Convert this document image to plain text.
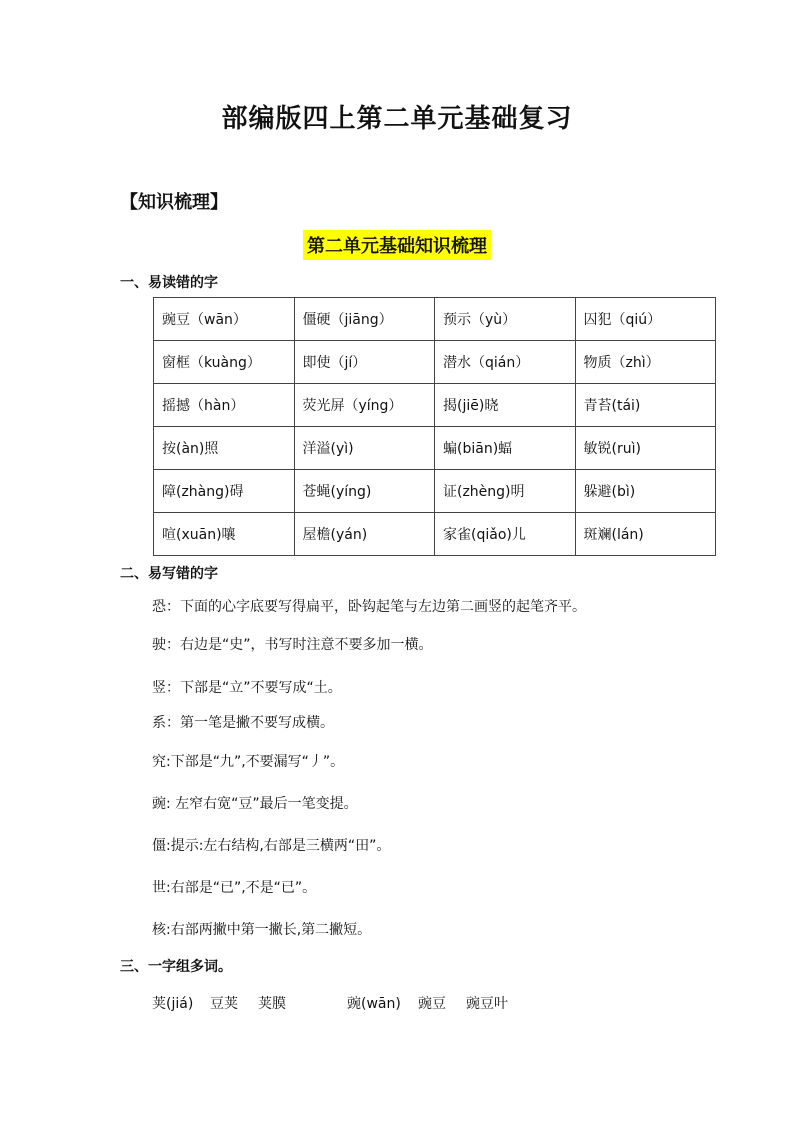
部编版四上第二单元基础复习
【知识梳理】
第二单元基础知识梳理
一、易读错的字
豌豆（wān）	僵硬（jiāng）	预示（yù）	囚犯（qiú）
窗框（kuàng）	即使（jí）	潜水（qián）	物质（zhì）
摇撼（hàn）	荧光屏（yíng）	揭(jiē)晓	青苔(tái)
按(àn)照	洋溢(yì)	蝙(biān)蝠	敏锐(ruì)
障(zhàng)碍	苍蝇(yíng)	证(zhèng)明	躲避(bì)
喧(xuān)嚷	屋檐(yán)	家雀(qiǎo)儿	斑斓(lán)
二、易写错的字
恐：下面的心字底要写得扁平，卧钩起笔与左边第二画竖的起笔齐平。
驶：右边是“史”，书写时注意不要多加一横。
竖：下部是“立”不要写成“土。
系：第一笔是撇不要写成横。
究:下部是“九”,不要漏写“丿”。
豌: 左窄右宽“豆”最后一笔变提。
僵:提示:左右结构,右部是三横两“田”。
世:右部是“已”,不是“已”。
核:右部两撇中第一撇长,第二撇短。
三、一字组多词。
荚(jiá) 豆荚 荚膜	豌(wān) 豌豆 豌豆叶
